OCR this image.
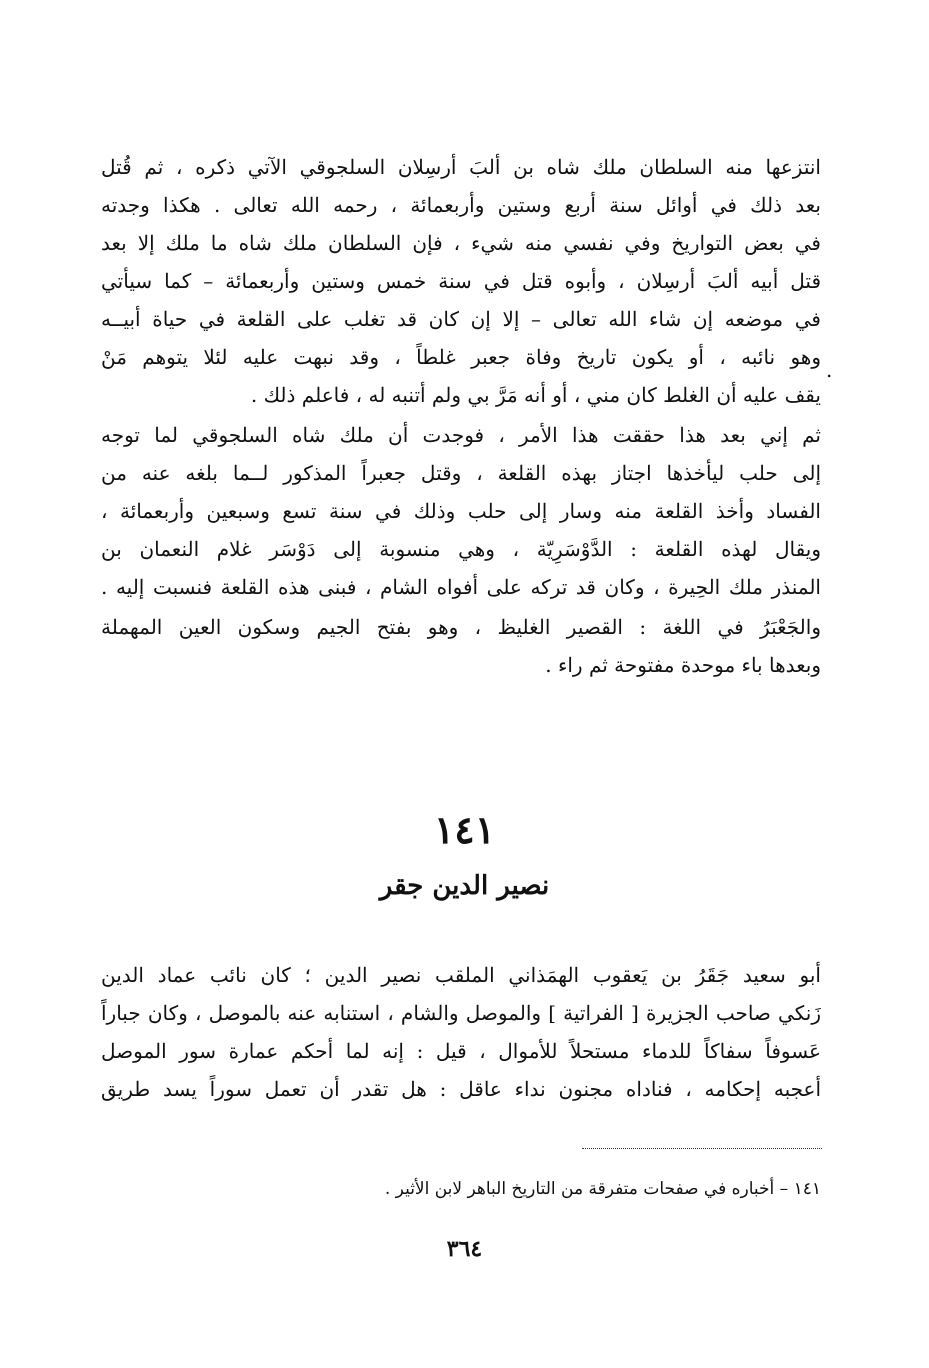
انتزعها منه السلطان ملك شاه بن ألبَ أرسِلان السلجوقي الآتي ذكره ، ثم قُتل
بعد ذلك في أوائل سنة أربع وستين وأربعمائة ، رحمه الله تعالى . هكذا وجدته
في بعض التواريخ وفي نفسي منه شيء ، فإن السلطان ملك شاه ما ملك إلا بعد
قتل أبيه ألبَ أرسِلان ، وأبوه قتل في سنة خمس وستين وأربعمائة – كما سيأتي
في موضعه إن شاء الله تعالى – إلا إن كان قد تغلب على القلعة في حياة أبيــه
وهو نائبه ، أو يكون تاريخ وفاة جعبر غلطاً ، وقد نبهت عليه لئلا يتوهم مَنْ
يقف عليه أن الغلط كان مني ، أو أنه مَرَّ بي ولم أتنبه له ، فاعلم ذلك .
.
ثم إني بعد هذا حققت هذا الأمر ، فوجدت أن ملك شاه السلجوقي لما توجه
إلى حلب ليأخذها اجتاز بهذه القلعة ، وقتل جعبراً المذكور لــما بلغه عنه من
الفساد وأخذ القلعة منه وسار إلى حلب وذلك في سنة تسع وسبعين وأربعمائة ،
ويقال لهذه القلعة : الدَّوْسَرِيّة ، وهي منسوبة إلى دَوْسَر غلام النعمان بن
المنذر ملك الحِيرة ، وكان قد تركه على أفواه الشام ، فبنى هذه القلعة فنسبت إليه .
والجَعْبَرُ في اللغة : القصير الغليظ ، وهو بفتح الجيم وسكون العين المهملة
وبعدها باء موحدة مفتوحة ثم راء .
١٤١
نصير الدين جقر
أبو سعيد جَقَرُ بن يَعقوب الهمَذاني الملقب نصير الدين ؛ كان نائب عماد الدين
زَنكي صاحب الجزيرة [ الفراتية ] والموصل والشام ، استنابه عنه بالموصل ، وكان جباراً
عَسوفاً سفاكاً للدماء مستحلاً للأموال ، قيل : إنه لما أحكم عمارة سور الموصل
أعجبه إحكامه ، فناداه مجنون نداء عاقل : هل تقدر أن تعمل سوراً يسد طريق
١٤١ – أخباره في صفحات متفرقة من التاريخ الباهر لابن الأثير .
٣٦٤
